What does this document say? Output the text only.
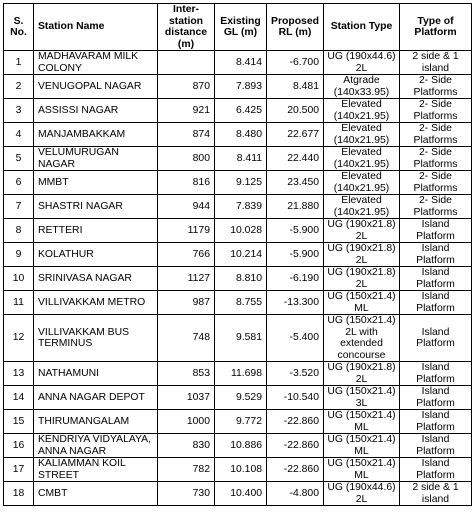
S. No.	Station Name	Inter-station distance (m)	Existing GL (m)	Proposed RL (m)	Station Type	Type of Platform
1	MADHAVARAM MILK COLONY		8.414	-6.700	UG (190x44.6) 2L	2 side & 1 island
2	VENUGOPAL NAGAR	870	7.893	8.481	Atgrade (140x33.95)	2- Side Platforms
3	ASSISSI NAGAR	921	6.425	20.500	Elevated (140x21.95)	2- Side Platforms
4	MANJAMBAKKAM	874	8.480	22.677	Elevated (140x21.95)	2- Side Platforms
5	VELUMURUGAN NAGAR	800	8.411	22.440	Elevated (140x21.95)	2- Side Platforms
6	MMBT	816	9.125	23.450	Elevated (140x21.95)	2- Side Platforms
7	SHASTRI NAGAR	944	7.839	21.880	Elevated (140x21.95)	2- Side Platforms
8	RETTERI	1179	10.028	-5.900	UG (190x21.8) 2L	Island Platform
9	KOLATHUR	766	10.214	-5.900	UG (190x21.8) 2L	Island Platform
10	SRINIVASA NAGAR	1127	8.810	-6.190	UG (190x21.8) 2L	Island Platform
11	VILLIVAKKAM METRO	987	8.755	-13.300	UG (150x21.4) ML	Island Platform
12	VILLIVAKKAM BUS TERMINUS	748	9.581	-5.400	UG (150x21.4) 2L with extended concourse	Island Platform
13	NATHAMUNI	853	11.698	-3.520	UG (190x21.8) 2L	Island Platform
14	ANNA NAGAR DEPOT	1037	9.529	-10.540	UG (150x21.4) 3L	Island Platform
15	THIRUMANGALAM	1000	9.772	-22.860	UG (150x21.4) ML	Island Platform
16	KENDRIYA VIDYALAYA, ANNA NAGAR	830	10.886	-22.860	UG (150x21.4) ML	Island Platform
17	KALIAMMAN KOIL STREET	782	10.108	-22.860	UG (150x21.4) ML	Island Platform
18	CMBT	730	10.400	-4.800	UG (190x44.6) 2L	2 side & 1 island
